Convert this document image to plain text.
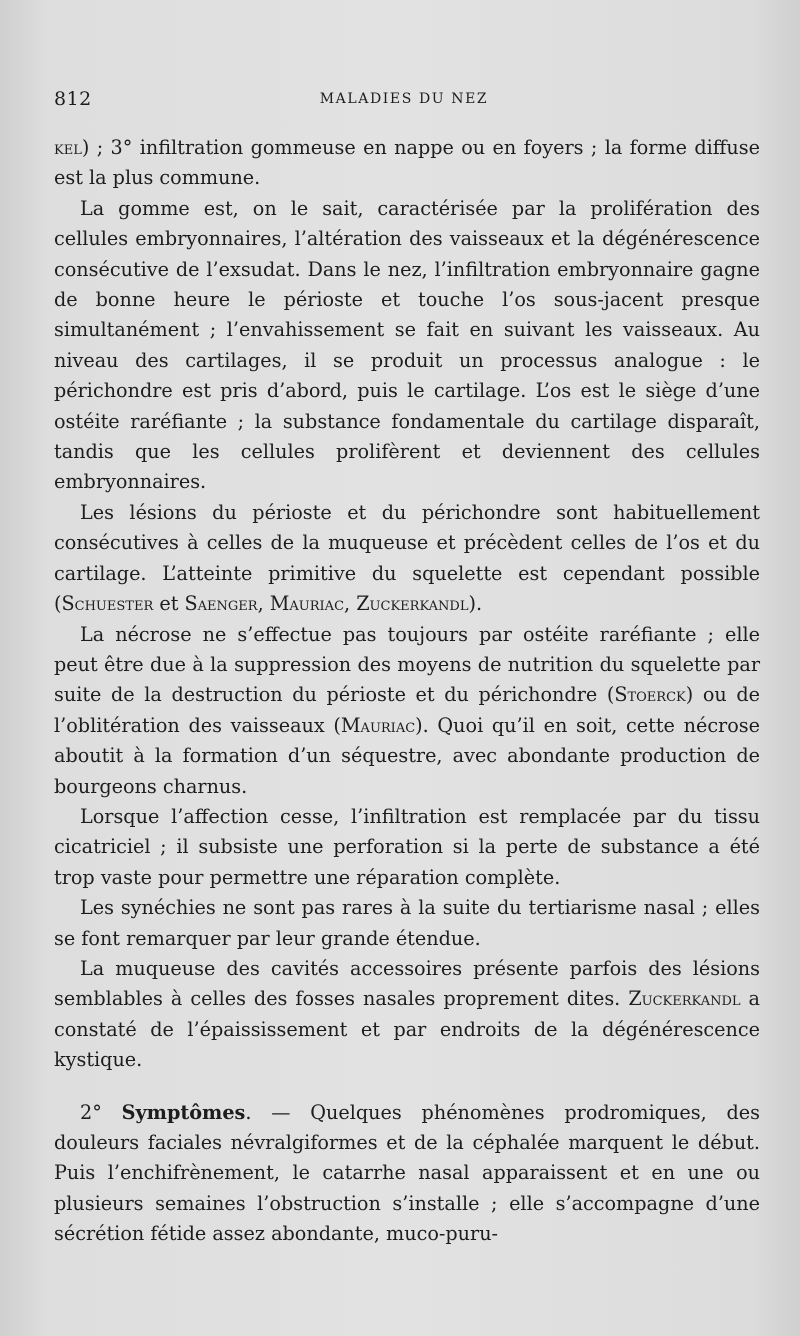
812	MALADIES DU NEZ

kel) ; 3° infiltration gommeuse en nappe ou en foyers ; la forme diffuse est la plus commune.

La gomme est, on le sait, caractérisée par la prolifération des cellules embryonnaires, l’altération des vaisseaux et la dégénérescence consécutive de l’exsudat. Dans le nez, l’infiltration embryonnaire gagne de bonne heure le périoste et touche l’os sous-jacent presque simultanément ; l’envahissement se fait en suivant les vaisseaux. Au niveau des cartilages, il se produit un processus analogue : le périchondre est pris d’abord, puis le cartilage. L’os est le siège d’une ostéite raréfiante ; la substance fondamentale du cartilage disparaît, tandis que les cellules prolifèrent et deviennent des cellules embryonnaires.

Les lésions du périoste et du périchondre sont habituellement consécutives à celles de la muqueuse et précèdent celles de l’os et du cartilage. L’atteinte primitive du squelette est cependant possible (Schuester et Saenger, Mauriac, Zuckerkandl).

La nécrose ne s’effectue pas toujours par ostéite raréfiante ; elle peut être due à la suppression des moyens de nutrition du squelette par suite de la destruction du périoste et du périchondre (Stoerck) ou de l’oblitération des vaisseaux (Mauriac). Quoi qu’il en soit, cette nécrose aboutit à la formation d’un séquestre, avec abondante production de bourgeons charnus.

Lorsque l’affection cesse, l’infiltration est remplacée par du tissu cicatriciel ; il subsiste une perforation si la perte de substance a été trop vaste pour permettre une réparation complète.

Les synéchies ne sont pas rares à la suite du tertiarisme nasal ; elles se font remarquer par leur grande étendue.

La muqueuse des cavités accessoires présente parfois des lésions semblables à celles des fosses nasales proprement dites. Zuckerkandl a constaté de l’épaississement et par endroits de la dégénérescence kystique.

2° Symptômes. — Quelques phénomènes prodromiques, des douleurs faciales névralgiformes et de la céphalée marquent le début. Puis l’enchifrènement, le catarrhe nasal apparaissent et en une ou plusieurs semaines l’obstruction s’installe ; elle s’accompagne d’une sécrétion fétide assez abondante, muco-puru-
